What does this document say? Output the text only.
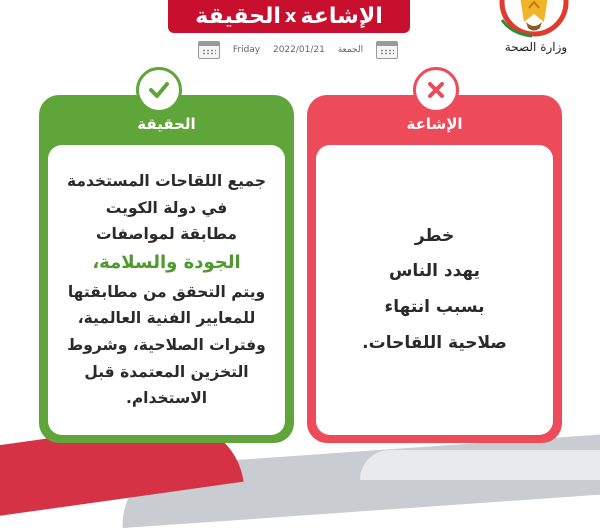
الإشاعة
x
الحقيقة
Friday 2022/01/21 الجمعة	وزارة الصحة
الحقيقة
جميع اللقاحات المستخدمة
في دولة الكويت
مطابقة لمواصفات
الجودة والسلامة،
ويتم التحقق من مطابقتها
للمعايير الفنية العالمية،
وفترات الصلاحية، وشروط
التخزين المعتمدة قبل
الاستخدام.
الإشاعة
خطر
يهدد الناس
بسبب انتهاء
صلاحية اللقاحات.
